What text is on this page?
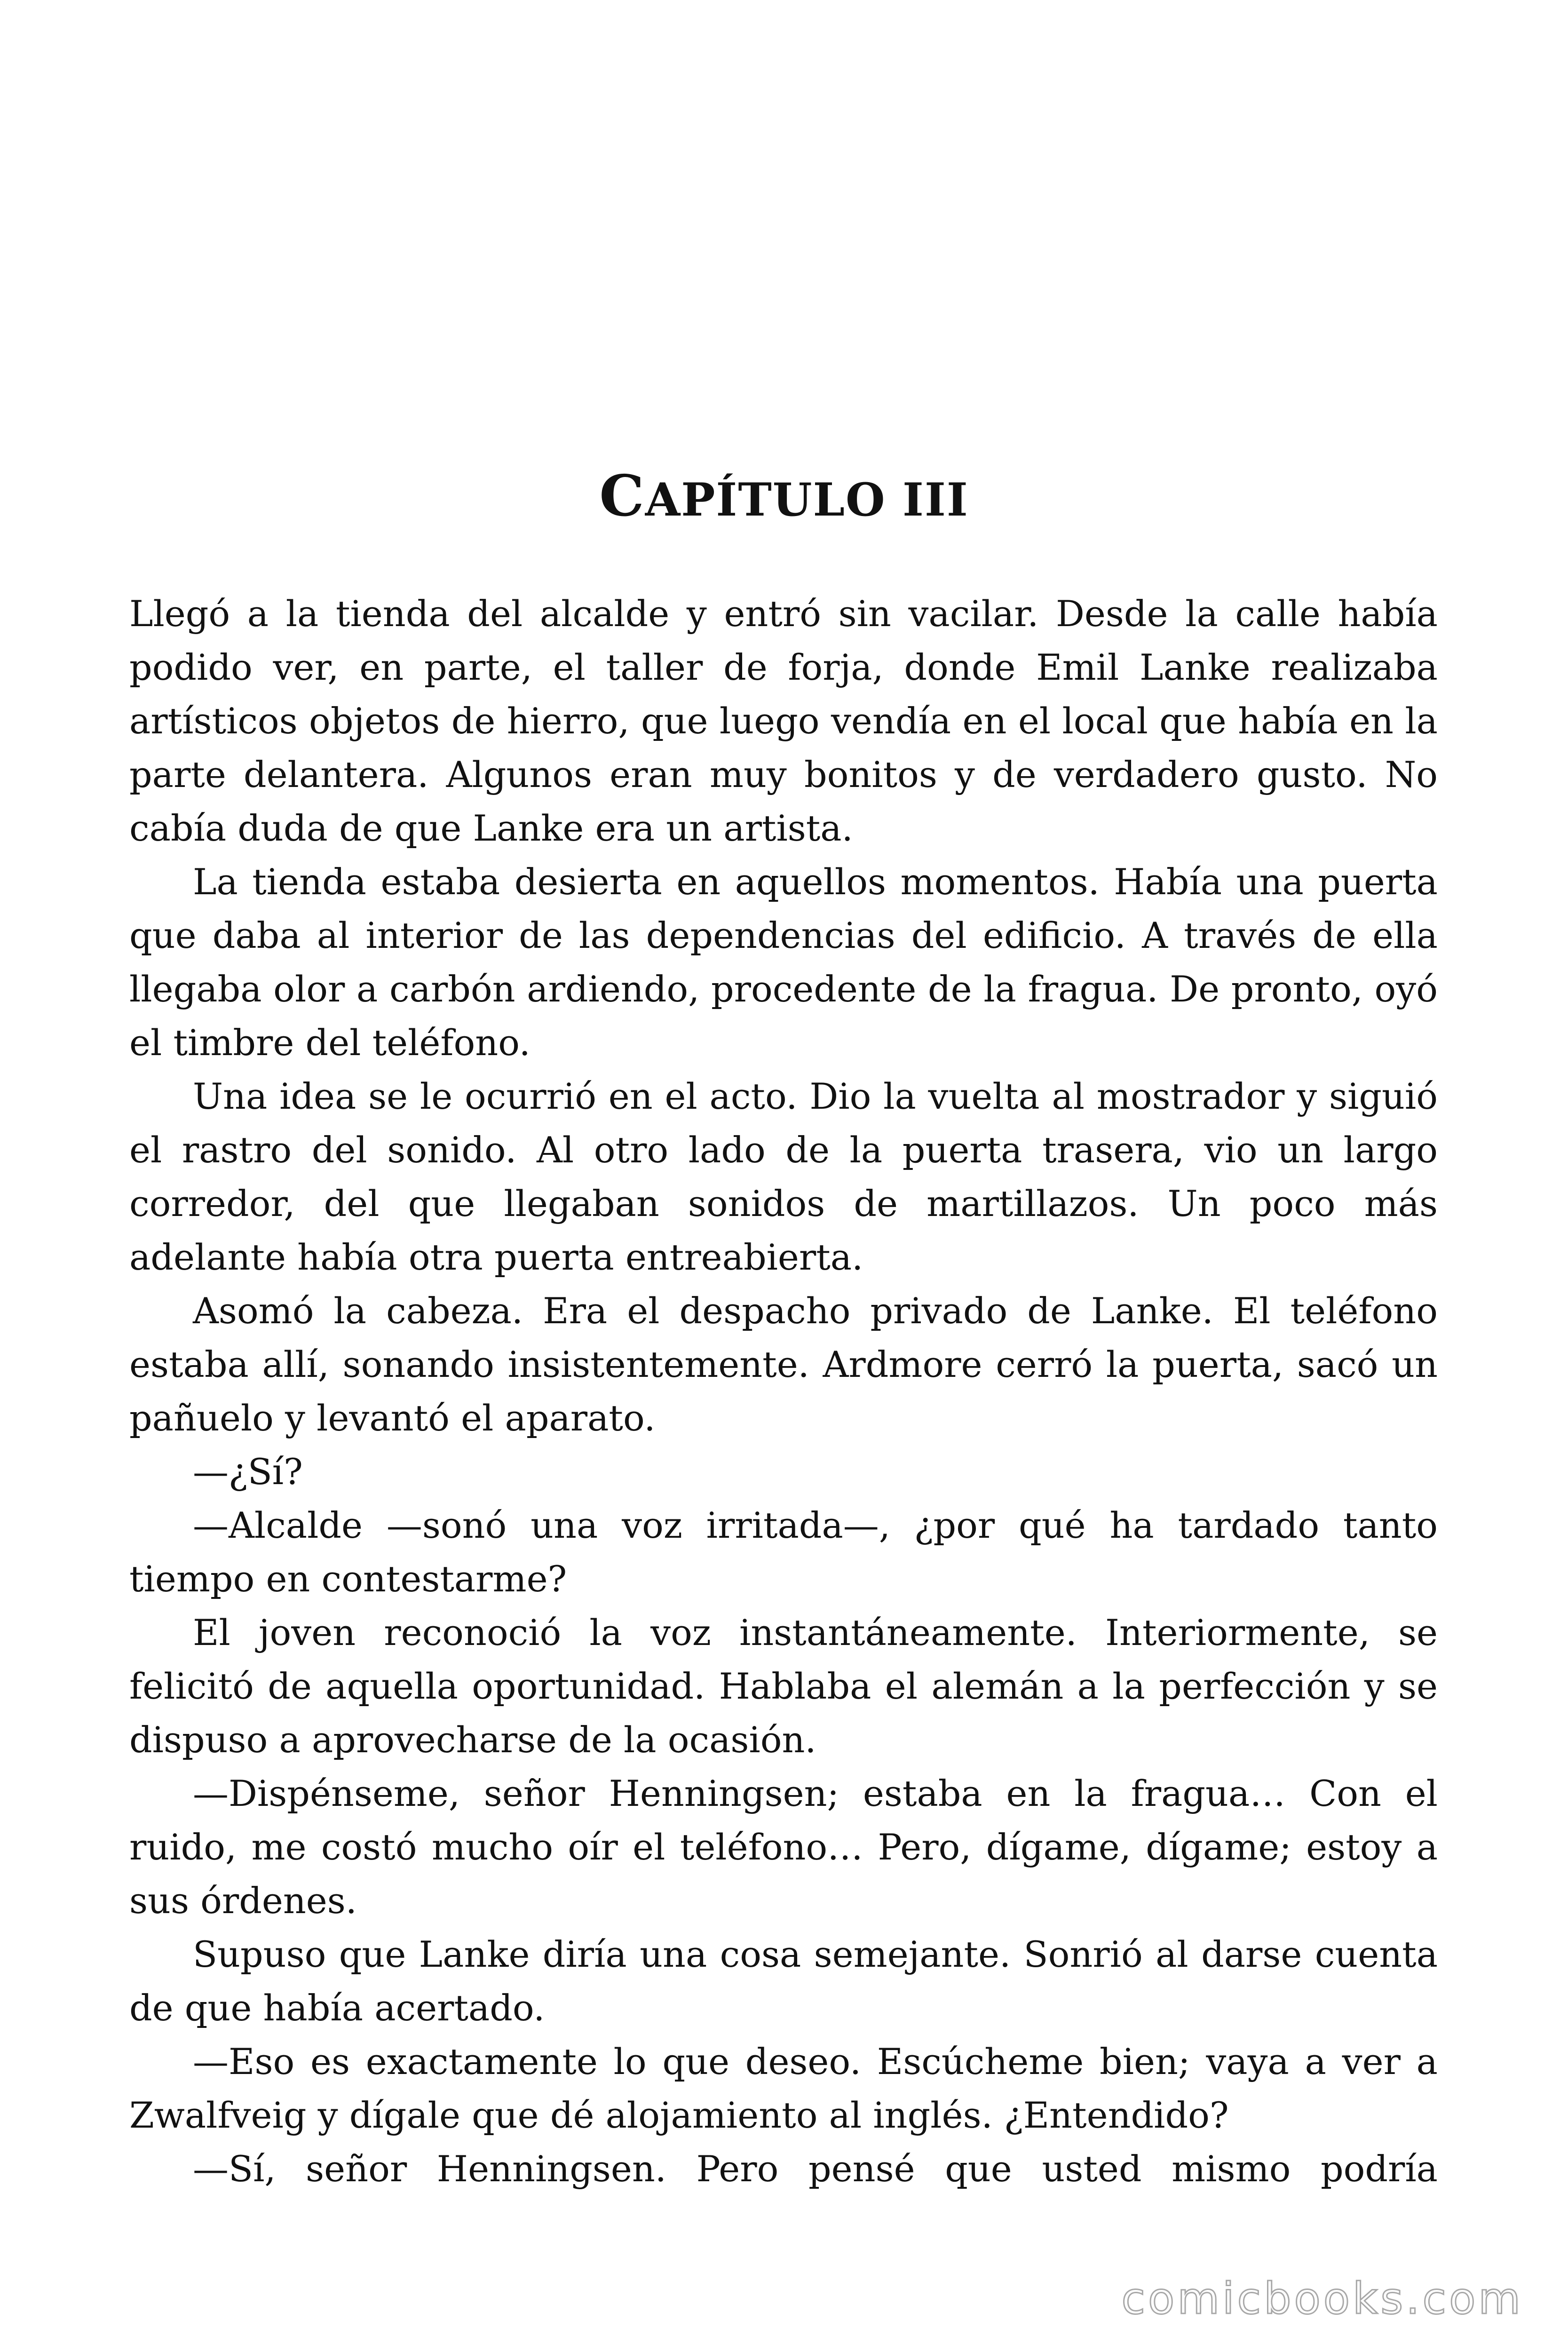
CAPÍTULO III

Llegó a la tienda del alcalde y entró sin vacilar. Desde la calle había podido ver, en parte, el taller de forja, donde Emil Lanke realizaba artísticos objetos de hierro, que luego vendía en el local que había en la parte delantera. Algunos eran muy bonitos y de verdadero gusto. No cabía duda de que Lanke era un artista.

La tienda estaba desierta en aquellos momentos. Había una puerta que daba al interior de las dependencias del edificio. A través de ella llegaba olor a carbón ardiendo, procedente de la fragua. De pronto, oyó el timbre del teléfono.

Una idea se le ocurrió en el acto. Dio la vuelta al mostrador y siguió el rastro del sonido. Al otro lado de la puerta trasera, vio un largo corredor, del que llegaban sonidos de martillazos. Un poco más adelante había otra puerta entreabierta.

Asomó la cabeza. Era el despacho privado de Lanke. El teléfono estaba allí, sonando insistentemente. Ardmore cerró la puerta, sacó un pañuelo y levantó el aparato.

—¿Sí?

—Alcalde —sonó una voz irritada—, ¿por qué ha tardado tanto tiempo en contestarme?

El joven reconoció la voz instantáneamente. Interiormente, se felicitó de aquella oportunidad. Hablaba el alemán a la perfección y se dispuso a aprovecharse de la ocasión.

—Dispénseme, señor Henningsen; estaba en la fragua… Con el ruido, me costó mucho oír el teléfono… Pero, dígame, dígame; estoy a sus órdenes.

Supuso que Lanke diría una cosa semejante. Sonrió al darse cuenta de que había acertado.

—Eso es exactamente lo que deseo. Escúcheme bien; vaya a ver a Zwalfveig y dígale que dé alojamiento al inglés. ¿Entendido?

—Sí, señor Henningsen. Pero pensé que usted mismo podría

comicbooks.com
